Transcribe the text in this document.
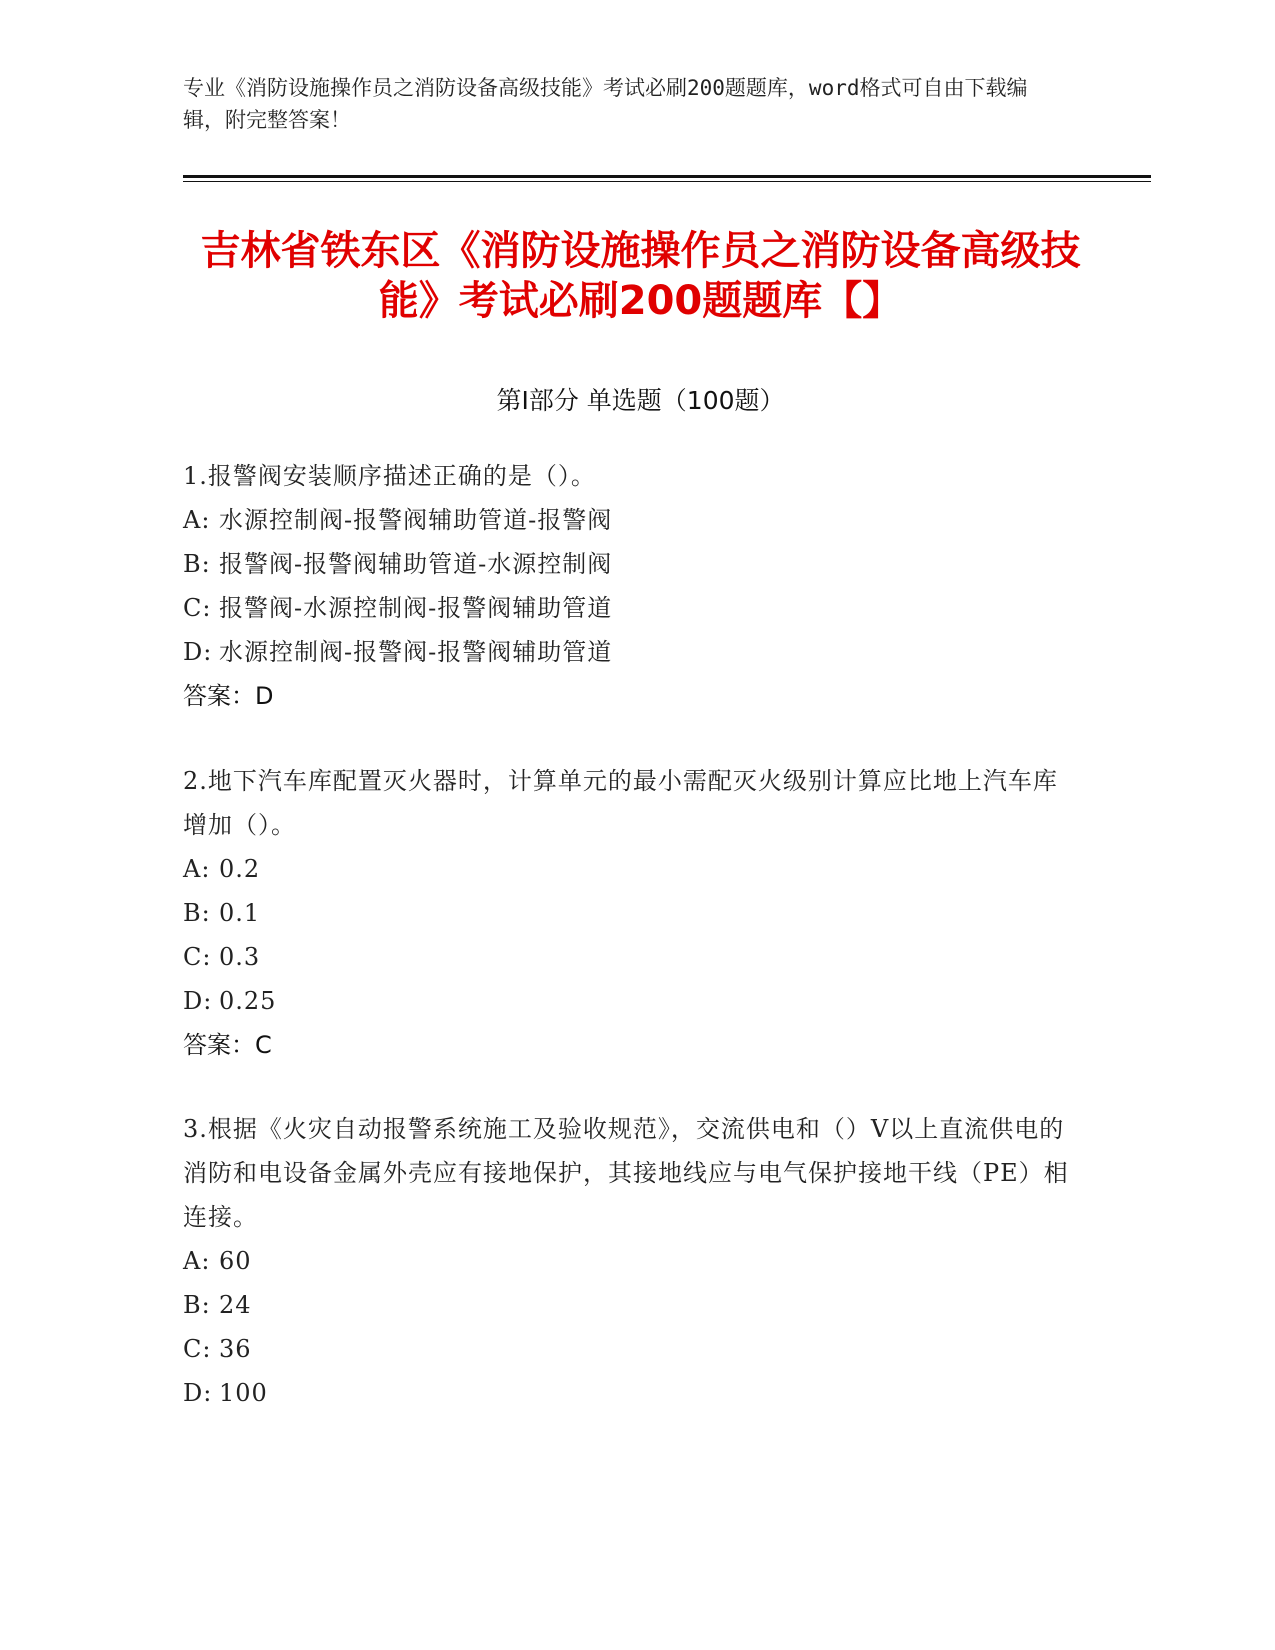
专业《消防设施操作员之消防设备高级技能》考试必刷200题题库，word格式可自由下载编辑，附完整答案！
吉林省铁东区《消防设施操作员之消防设备高级技能》考试必刷200题题库【】
第Ⅰ部分 单选题（100题）
1.报警阀安装顺序描述正确的是（）。
A: 水源控制阀-报警阀辅助管道-报警阀
B: 报警阀-报警阀辅助管道-水源控制阀
C: 报警阀-水源控制阀-报警阀辅助管道
D: 水源控制阀-报警阀-报警阀辅助管道
答案：D
2.地下汽车库配置灭火器时，计算单元的最小需配灭火级别计算应比地上汽车库增加（）。
A: 0.2
B: 0.1
C: 0.3
D: 0.25
答案：C
3.根据《火灾自动报警系统施工及验收规范》，交流供电和（）V以上直流供电的消防和电设备金属外壳应有接地保护，其接地线应与电气保护接地干线（PE）相连接。
A: 60
B: 24
C: 36
D: 100
